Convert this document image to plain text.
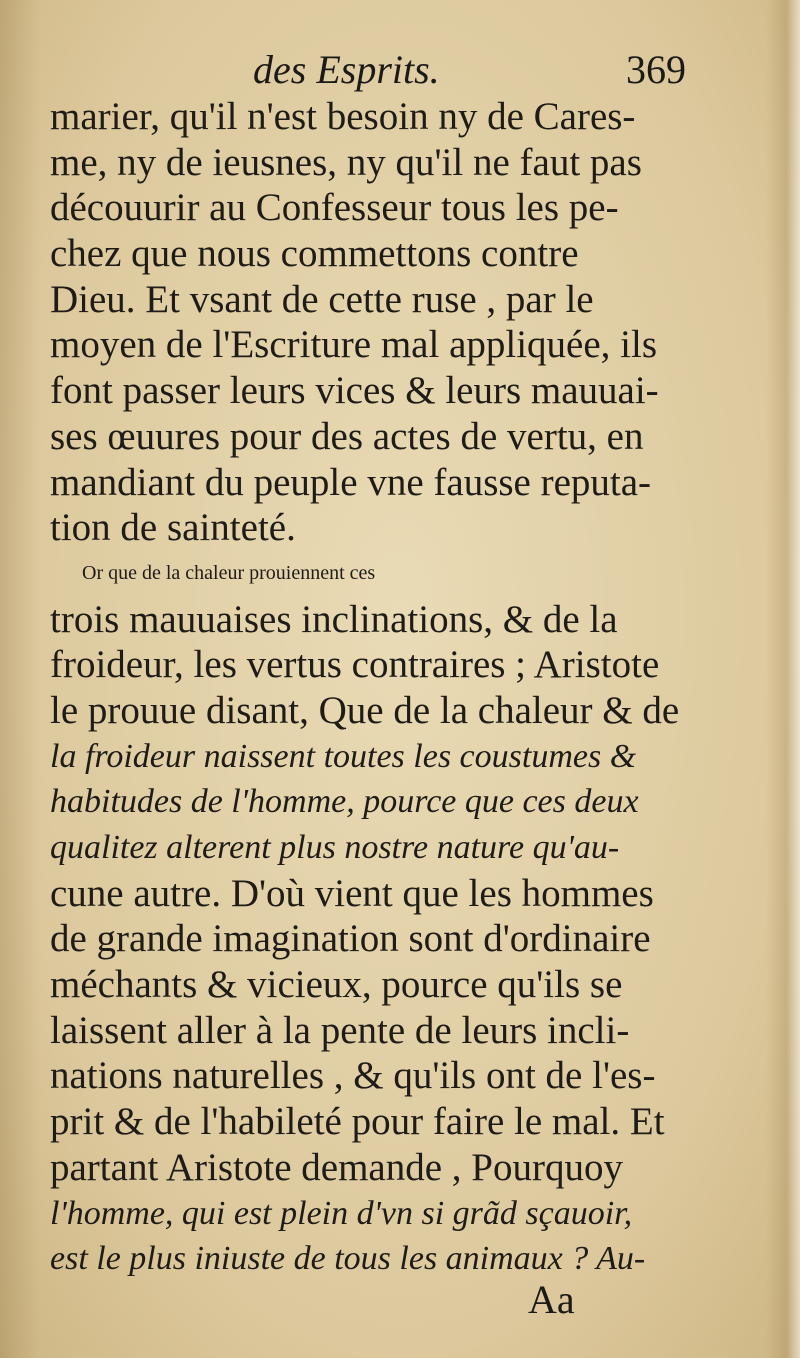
des Esprits.	369
marier, qu'il n'est besoin ny de Cares-
me, ny de ieusnes, ny qu'il ne faut pas
découurir au Confesseur tous les pe-
chez que nous commettons contre
Dieu. Et vsant de cette ruse , par le
moyen de l'Escriture mal appliquée, ils
font passer leurs vices & leurs mauuai-
ses œuures pour des actes de vertu, en
mandiant du peuple vne fausse reputa-
tion de sainteté.
Or que de la chaleur prouiennent ces
trois mauuaises inclinations, & de la
froideur, les vertus contraires ; Aristote
le prouue disant, Que de la chaleur & de
la froideur naissent toutes les coustumes &
habitudes de l'homme, pource que ces deux
qualitez alterent plus nostre nature qu'au-
cune autre. D'où vient que les hommes
de grande imagination sont d'ordinaire
méchants & vicieux, pource qu'ils se
laissent aller à la pente de leurs incli-
nations naturelles , & qu'ils ont de l'es-
prit & de l'habileté pour faire le mal. Et
partant Aristote demande , Pourquoy
l'homme, qui est plein d'vn si grãd sçauoir,
est le plus iniuste de tous les animaux ? Au-
Aa
